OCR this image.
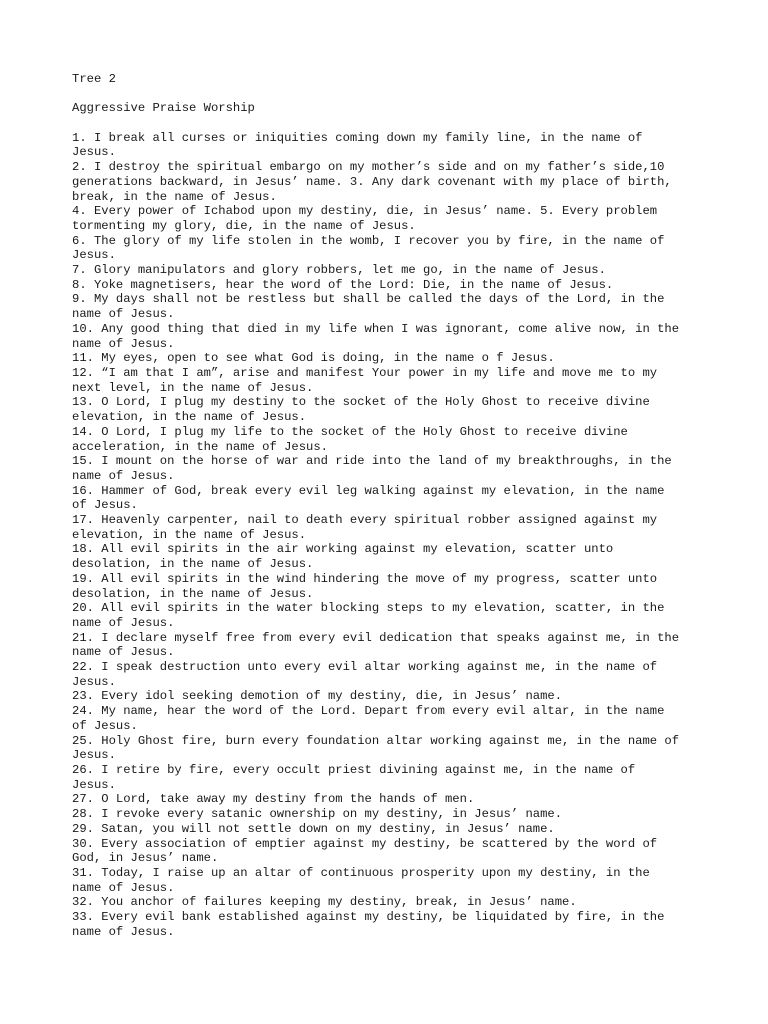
Tree 2

Aggressive Praise Worship

1. I break all curses or iniquities coming down my family line, in the name of

Jesus.

2. I destroy the spiritual embargo on my mother’s side and on my father’s side,10

generations backward, in Jesus’ name. 3. Any dark covenant with my place of birth,

break, in the name of Jesus.

4. Every power of Ichabod upon my destiny, die, in Jesus’ name. 5. Every problem

tormenting my glory, die, in the name of Jesus.

6. The glory of my life stolen in the womb, I recover you by fire, in the name of

Jesus.

7. Glory manipulators and glory robbers, let me go, in the name of Jesus.

8. Yoke magnetisers, hear the word of the Lord: Die, in the name of Jesus.

9. My days shall not be restless but shall be called the days of the Lord, in the

name of Jesus.

10. Any good thing that died in my life when I was ignorant, come alive now, in the

name of Jesus.

11. My eyes, open to see what God is doing, in the name o f Jesus.

12. “I am that I am”, arise and manifest Your power in my life and move me to my

next level, in the name of Jesus.

13. O Lord, I plug my destiny to the socket of the Holy Ghost to receive divine

elevation, in the name of Jesus.

14. O Lord, I plug my life to the socket of the Holy Ghost to receive divine

acceleration, in the name of Jesus.

15. I mount on the horse of war and ride into the land of my breakthroughs, in the

name of Jesus.

16. Hammer of God, break every evil leg walking against my elevation, in the name

of Jesus.

17. Heavenly carpenter, nail to death every spiritual robber assigned against my

elevation, in the name of Jesus.

18. All evil spirits in the air working against my elevation, scatter unto

desolation, in the name of Jesus.

19. All evil spirits in the wind hindering the move of my progress, scatter unto

desolation, in the name of Jesus.

20. All evil spirits in the water blocking steps to my elevation, scatter, in the

name of Jesus.

21. I declare myself free from every evil dedication that speaks against me, in the

name of Jesus.

22. I speak destruction unto every evil altar working against me, in the name of

Jesus.

23. Every idol seeking demotion of my destiny, die, in Jesus’ name.

24. My name, hear the word of the Lord. Depart from every evil altar, in the name

of Jesus.

25. Holy Ghost fire, burn every foundation altar working against me, in the name of

Jesus.

26. I retire by fire, every occult priest divining against me, in the name of

Jesus.

27. O Lord, take away my destiny from the hands of men.

28. I revoke every satanic ownership on my destiny, in Jesus’ name.

29. Satan, you will not settle down on my destiny, in Jesus’ name.

30. Every association of emptier against my destiny, be scattered by the word of

God, in Jesus’ name.

31. Today, I raise up an altar of continuous prosperity upon my destiny, in the

name of Jesus.

32. You anchor of failures keeping my destiny, break, in Jesus’ name.

33. Every evil bank established against my destiny, be liquidated by fire, in the

name of Jesus.
